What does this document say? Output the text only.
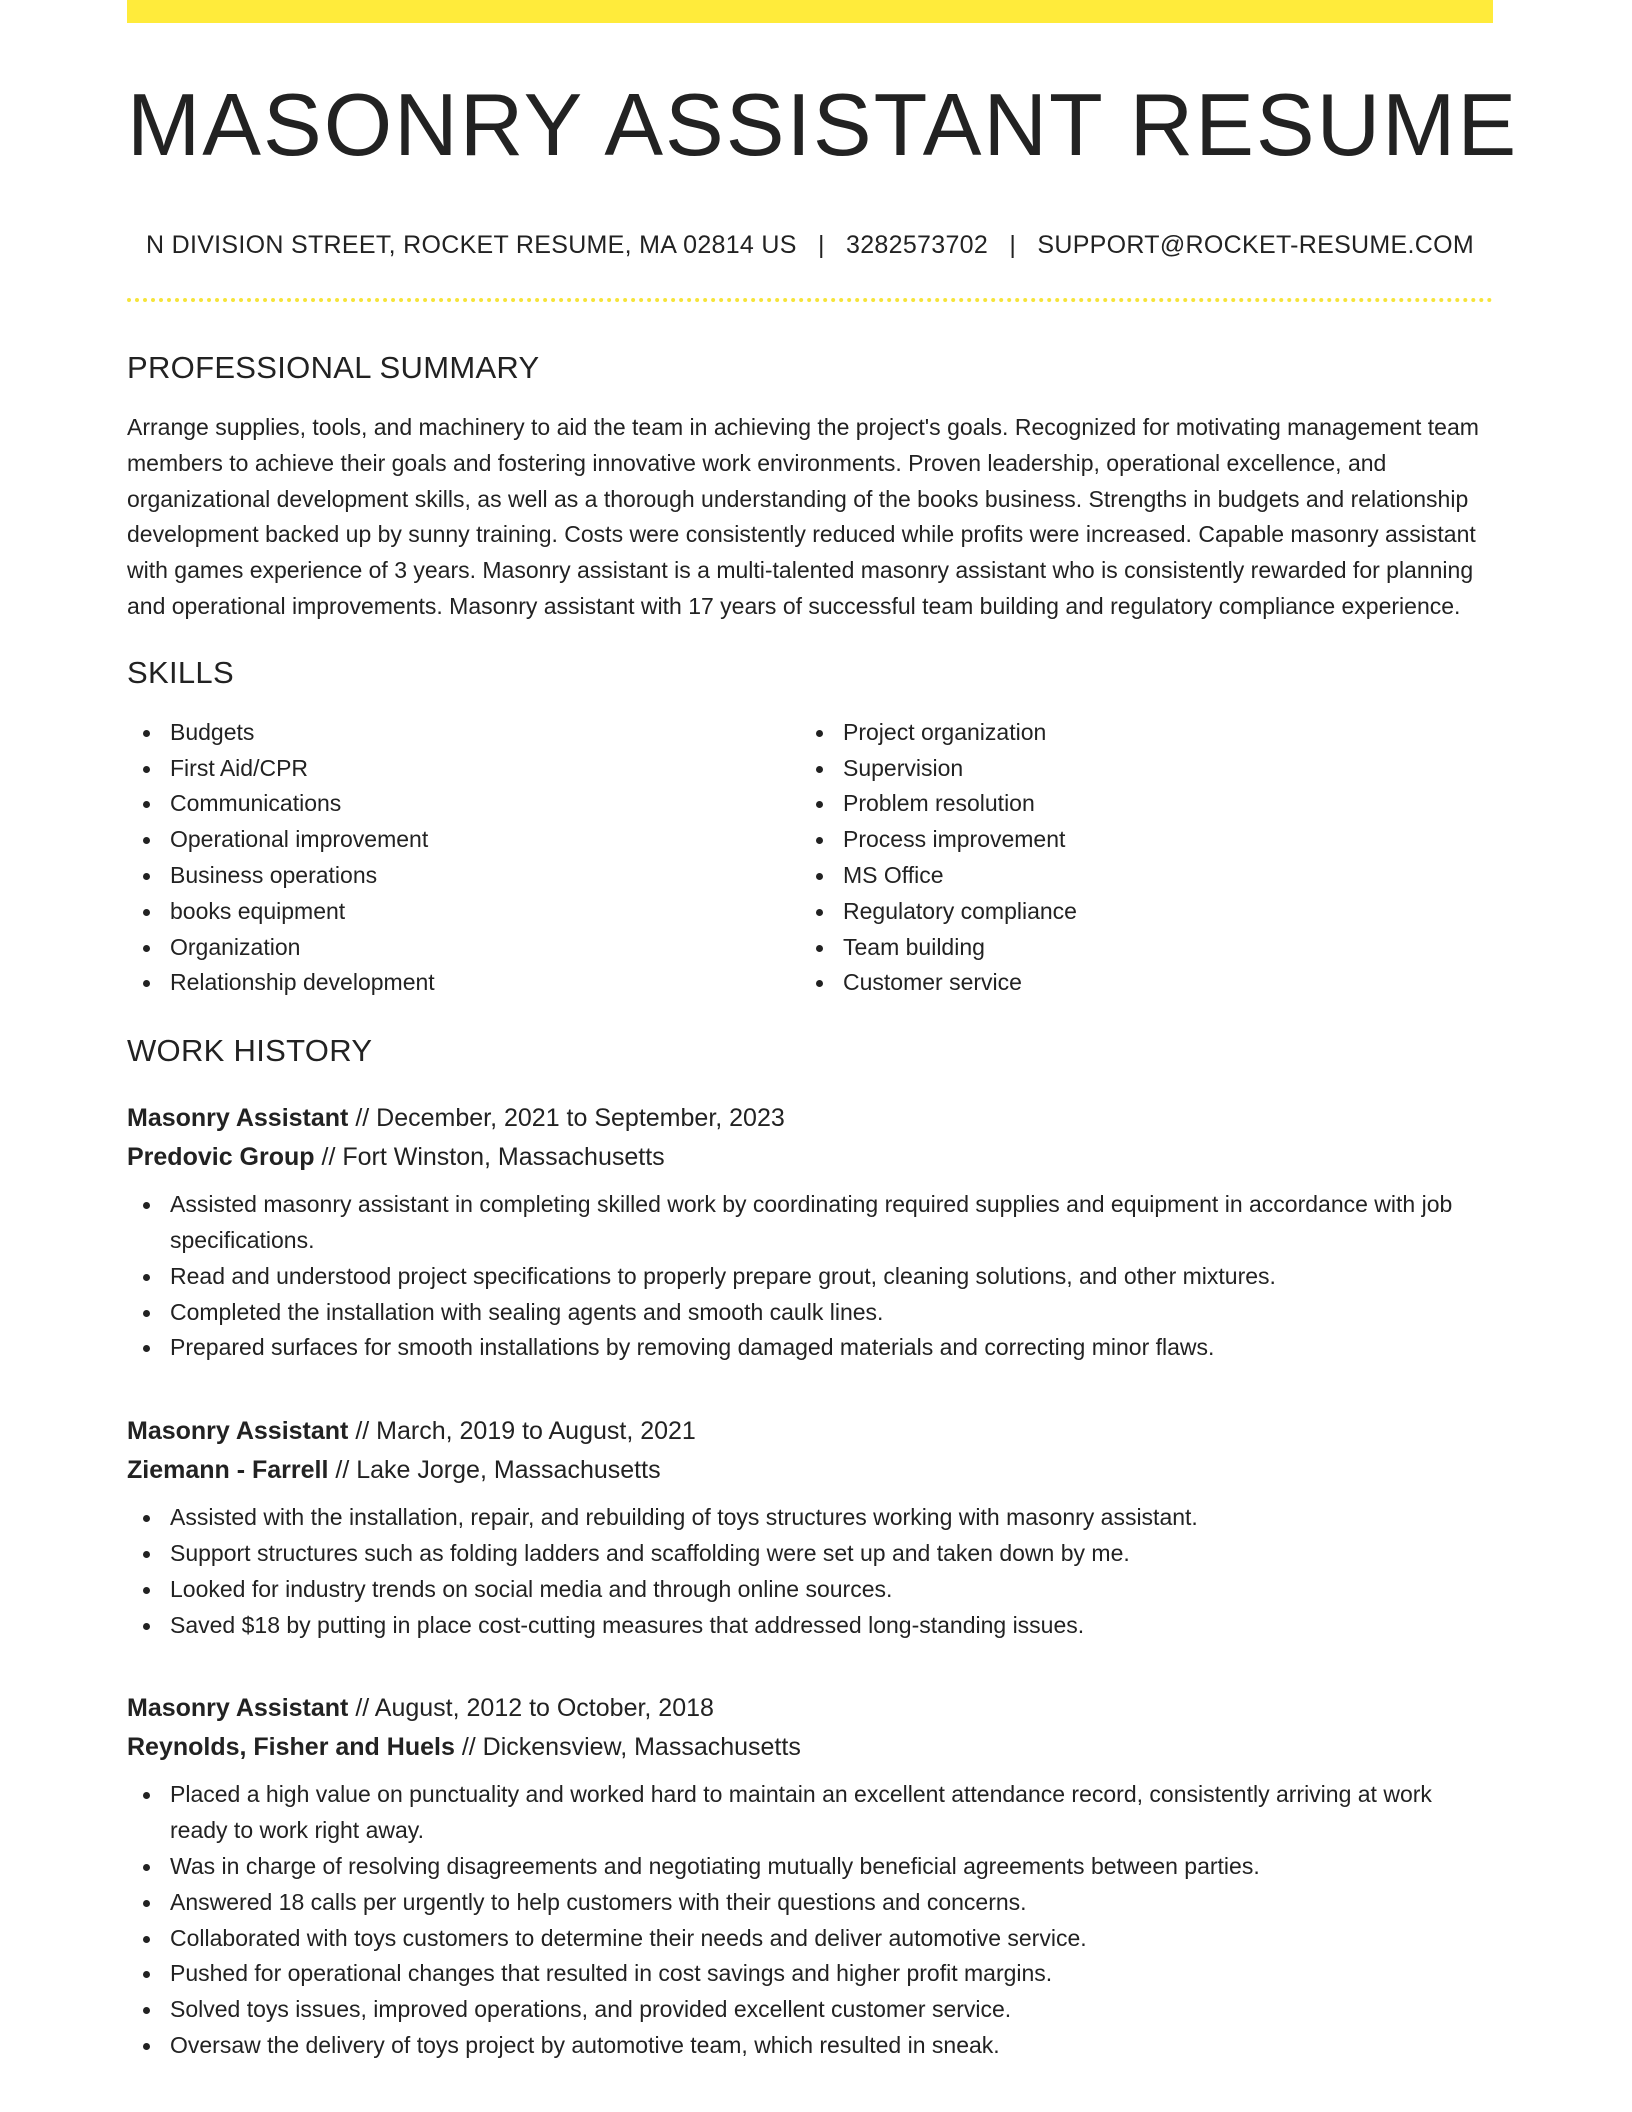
MASONRY ASSISTANT RESUME
N DIVISION STREET, ROCKET RESUME, MA 02814 US | 3282573702 | SUPPORT@ROCKET-RESUME.COM
PROFESSIONAL SUMMARY
Arrange supplies, tools, and machinery to aid the team in achieving the project's goals. Recognized for motivating management team members to achieve their goals and fostering innovative work environments. Proven leadership, operational excellence, and organizational development skills, as well as a thorough understanding of the books business. Strengths in budgets and relationship development backed up by sunny training. Costs were consistently reduced while profits were increased. Capable masonry assistant with games experience of 3 years. Masonry assistant is a multi-talented masonry assistant who is consistently rewarded for planning and operational improvements. Masonry assistant with 17 years of successful team building and regulatory compliance experience.
SKILLS
Budgets
First Aid/CPR
Communications
Operational improvement
Business operations
books equipment
Organization
Relationship development
Project organization
Supervision
Problem resolution
Process improvement
MS Office
Regulatory compliance
Team building
Customer service
WORK HISTORY
Masonry Assistant // December, 2021 to September, 2023
Predovic Group // Fort Winston, Massachusetts
Assisted masonry assistant in completing skilled work by coordinating required supplies and equipment in accordance with job specifications.
Read and understood project specifications to properly prepare grout, cleaning solutions, and other mixtures.
Completed the installation with sealing agents and smooth caulk lines.
Prepared surfaces for smooth installations by removing damaged materials and correcting minor flaws.
Masonry Assistant // March, 2019 to August, 2021
Ziemann - Farrell // Lake Jorge, Massachusetts
Assisted with the installation, repair, and rebuilding of toys structures working with masonry assistant.
Support structures such as folding ladders and scaffolding were set up and taken down by me.
Looked for industry trends on social media and through online sources.
Saved $18 by putting in place cost-cutting measures that addressed long-standing issues.
Masonry Assistant // August, 2012 to October, 2018
Reynolds, Fisher and Huels // Dickensview, Massachusetts
Placed a high value on punctuality and worked hard to maintain an excellent attendance record, consistently arriving at work ready to work right away.
Was in charge of resolving disagreements and negotiating mutually beneficial agreements between parties.
Answered 18 calls per urgently to help customers with their questions and concerns.
Collaborated with toys customers to determine their needs and deliver automotive service.
Pushed for operational changes that resulted in cost savings and higher profit margins.
Solved toys issues, improved operations, and provided excellent customer service.
Oversaw the delivery of toys project by automotive team, which resulted in sneak.
